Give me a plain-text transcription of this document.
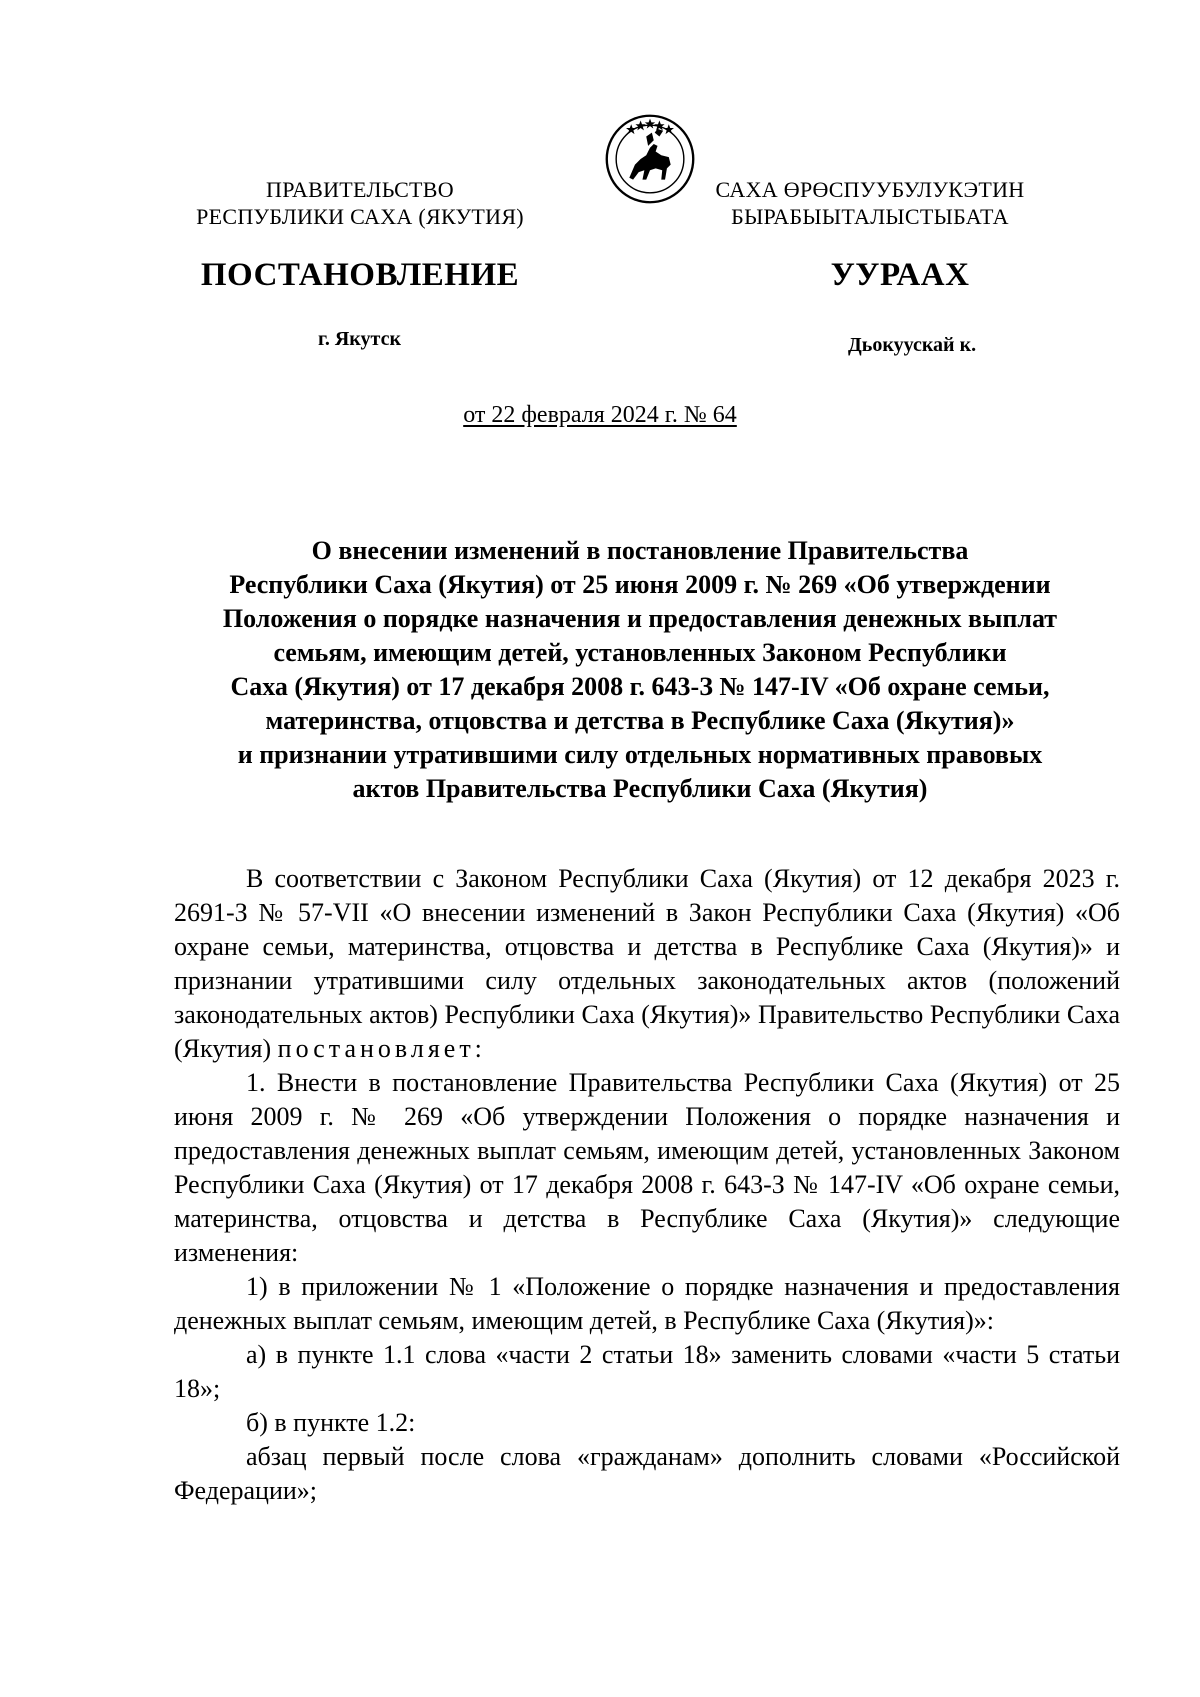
ПРАВИТЕЛЬСТВО
РЕСПУБЛИКИ САХА (ЯКУТИЯ)
САХА ӨРӨСПУУБУЛУКЭТИН
БЫРАБЫЫТАЛЫСТЫБАТА
ПОСТАНОВЛЕНИЕ	УУРААХ
г. Якутск	Дьокуускай к.
от 22 февраля 2024 г. № 64
О внесении изменений в постановление Правительства
Республики Саха (Якутия) от 25 июня 2009 г. № 269 «Об утверждении
Положения о порядке назначения и предоставления денежных выплат
семьям, имеющим детей, установленных Законом Республики
Саха (Якутия) от 17 декабря 2008 г. 643-З № 147-IV «Об охране семьи,
материнства, отцовства и детства в Республике Саха (Якутия)»
и признании утратившими силу отдельных нормативных правовых
актов Правительства Республики Саха (Якутия)

В соответствии с Законом Республики Саха (Якутия) от 12 декабря 2023 г. 2691-З № 57-VII «О внесении изменений в Закон Республики Саха (Якутия) «Об охране семьи, материнства, отцовства и детства в Республике Саха (Якутия)» и признании утратившими силу отдельных законодательных актов (положений законодательных актов) Республики Саха (Якутия)» Правительство Республики Саха (Якутия) постановляет:

1. Внести в постановление Правительства Республики Саха (Якутия) от 25 июня 2009 г. № 269 «Об утверждении Положения о порядке назначения и предоставления денежных выплат семьям, имеющим детей, установленных Законом Республики Саха (Якутия) от 17 декабря 2008 г. 643-З № 147-IV «Об охране семьи, материнства, отцовства и детства в Республике Саха (Якутия)» следующие изменения:

1) в приложении № 1 «Положение о порядке назначения и предоставления денежных выплат семьям, имеющим детей, в Республике Саха (Якутия)»:

а) в пункте 1.1 слова «части 2 статьи 18» заменить словами «части 5 статьи 18»;

б) в пункте 1.2:

абзац первый после слова «гражданам» дополнить словами «Российской Федерации»;
